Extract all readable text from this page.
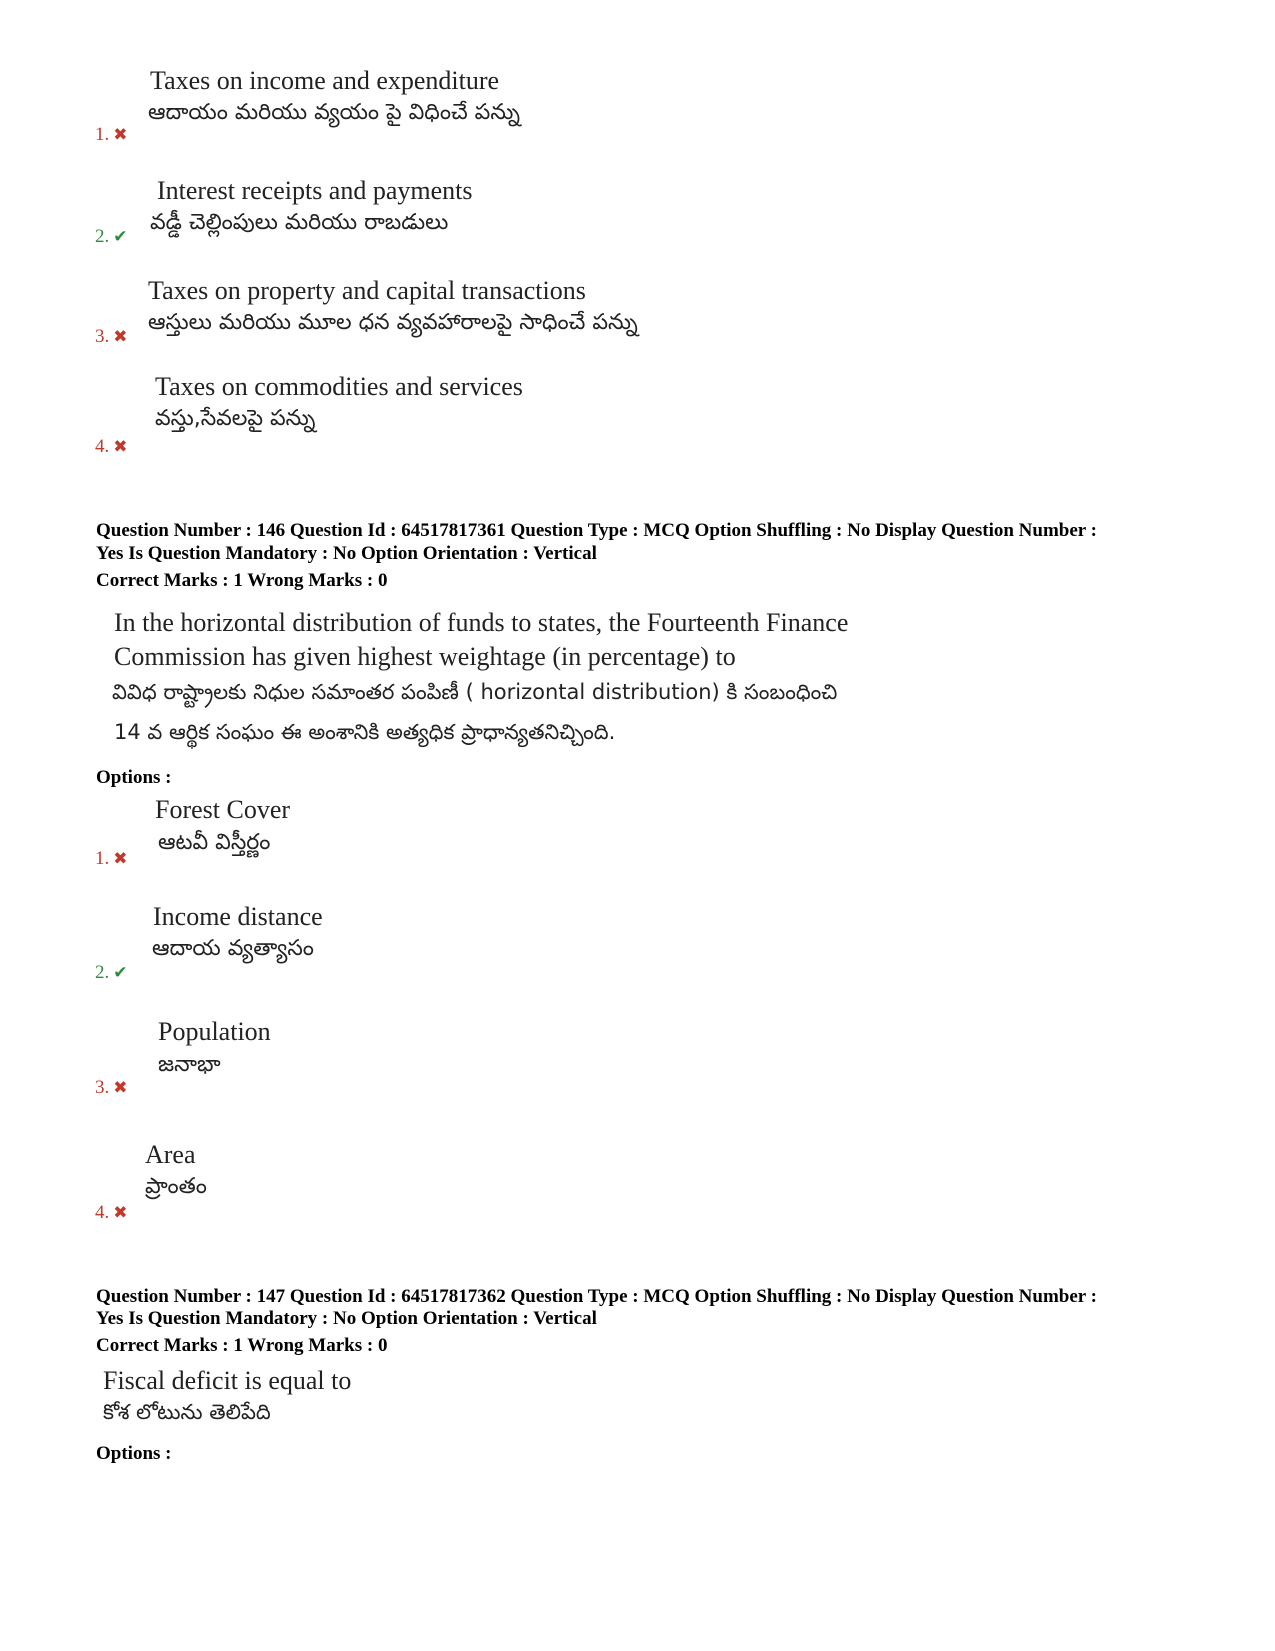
Taxes on income and expenditure
ఆదాయం మరియు వ్యయం పై విధించే పన్ను
1. ✖
Interest receipts and payments
వడ్డీ చెల్లింపులు మరియు రాబడులు
2. ✔
Taxes on property and capital transactions
ఆస్తులు మరియు మూల ధన వ్యవహారాలపై సాధించే పన్ను
3. ✖
Taxes on commodities and services
వస్తు,సేవలపై పన్ను
4. ✖
Question Number : 146 Question Id : 64517817361 Question Type : MCQ Option Shuffling : No Display Question Number :
Yes Is Question Mandatory : No Option Orientation : Vertical
Correct Marks : 1 Wrong Marks : 0
In the horizontal distribution of funds to states, the Fourteenth Finance
Commission has given highest weightage (in percentage) to
వివిధ రాష్ట్రాలకు నిధుల సమాంతర పంపిణీ ( horizontal distribution) కి సంబంధించి
14 వ ఆర్థిక సంఘం ఈ అంశానికి అత్యధిక ప్రాధాన్యతనిచ్చింది.
Options :
Forest Cover
ఆటవీ విస్తీర్ణం
1. ✖
Income distance
ఆదాయ వ్యత్యాసం
2. ✔
Population
జనాభా
3. ✖
Area
ప్రాంతం
4. ✖
Question Number : 147 Question Id : 64517817362 Question Type : MCQ Option Shuffling : No Display Question Number :
Yes Is Question Mandatory : No Option Orientation : Vertical
Correct Marks : 1 Wrong Marks : 0
Fiscal deficit is equal to
కోశ లోటును తెలిపేది
Options :
